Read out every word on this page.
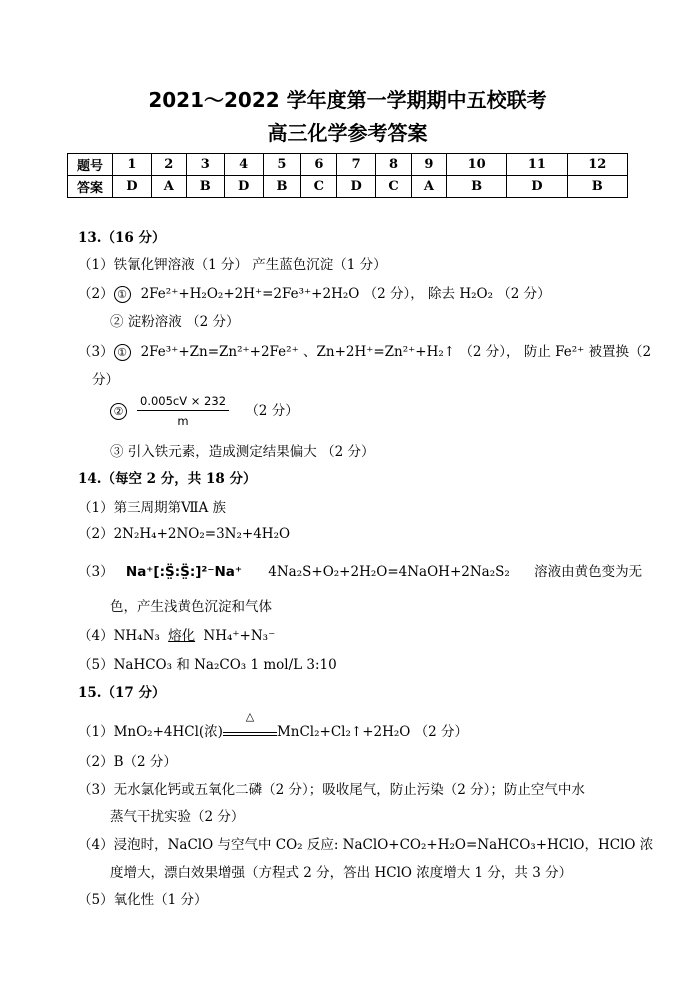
2021～2022 学年度第一学期期中五校联考
高三化学参考答案
题号	1	2	3	4	5	6	7	8	9	10	11	12
答案	D	A	B	D	B	C	D	C	A	B	D	B
13.（16 分）
（1）铁氰化钾溶液（1 分） 产生蓝色沉淀（1 分）
（2） ① 2Fe²⁺+H₂O₂+2H⁺=2Fe³⁺+2H₂O （2 分）， 除去 H₂O₂ （2 分）
② 淀粉溶液 （2 分）
（3） ① 2Fe³⁺+Zn=Zn²⁺+2Fe²⁺ 、Zn+2H⁺=Zn²⁺+H₂↑ （2 分）， 防止 Fe²⁺ 被置换（2
分）
② $\frac{0.005cV \times 232}{m} (2$ 分）
③ 引入铁元素，造成测定结果偏大 （2 分）
14.（每空 2 分，共 18 分）
（1）第三周期第ⅦA 族
（2）2N₂H₄+2NO₂=3N₂+4H₂O
（3） Na⁺[:S̤̈:S̤̈:]²⁻Na⁺ 4Na₂S+O₂+2H₂O=4NaOH+2Na₂S₂ 溶液由黄色变为无
色，产生浅黄色沉淀和气体
（4）NH₄N₃ 熔化 NH₄⁺+N₃⁻
（5）NaHCO₃ 和 Na₂CO₃ 1 mol/L 3:10
15.（17 分）
（1）MnO₂+4HCl(浓)
△
MnCl₂+Cl₂↑+2H₂O （2 分）
（2）B（2 分）
（3）无水氯化钙或五氧化二磷（2 分）；吸收尾气，防止污染（2 分）；防止空气中水
蒸气干扰实验（2 分）
（4）浸泡时，NaClO 与空气中 CO₂ 反应: NaClO+CO₂+H₂O=NaHCO₃+HClO，HClO 浓
度增大，漂白效果增强（方程式 2 分，答出 HClO 浓度增大 1 分，共 3 分）
（5）氧化性（1 分）
